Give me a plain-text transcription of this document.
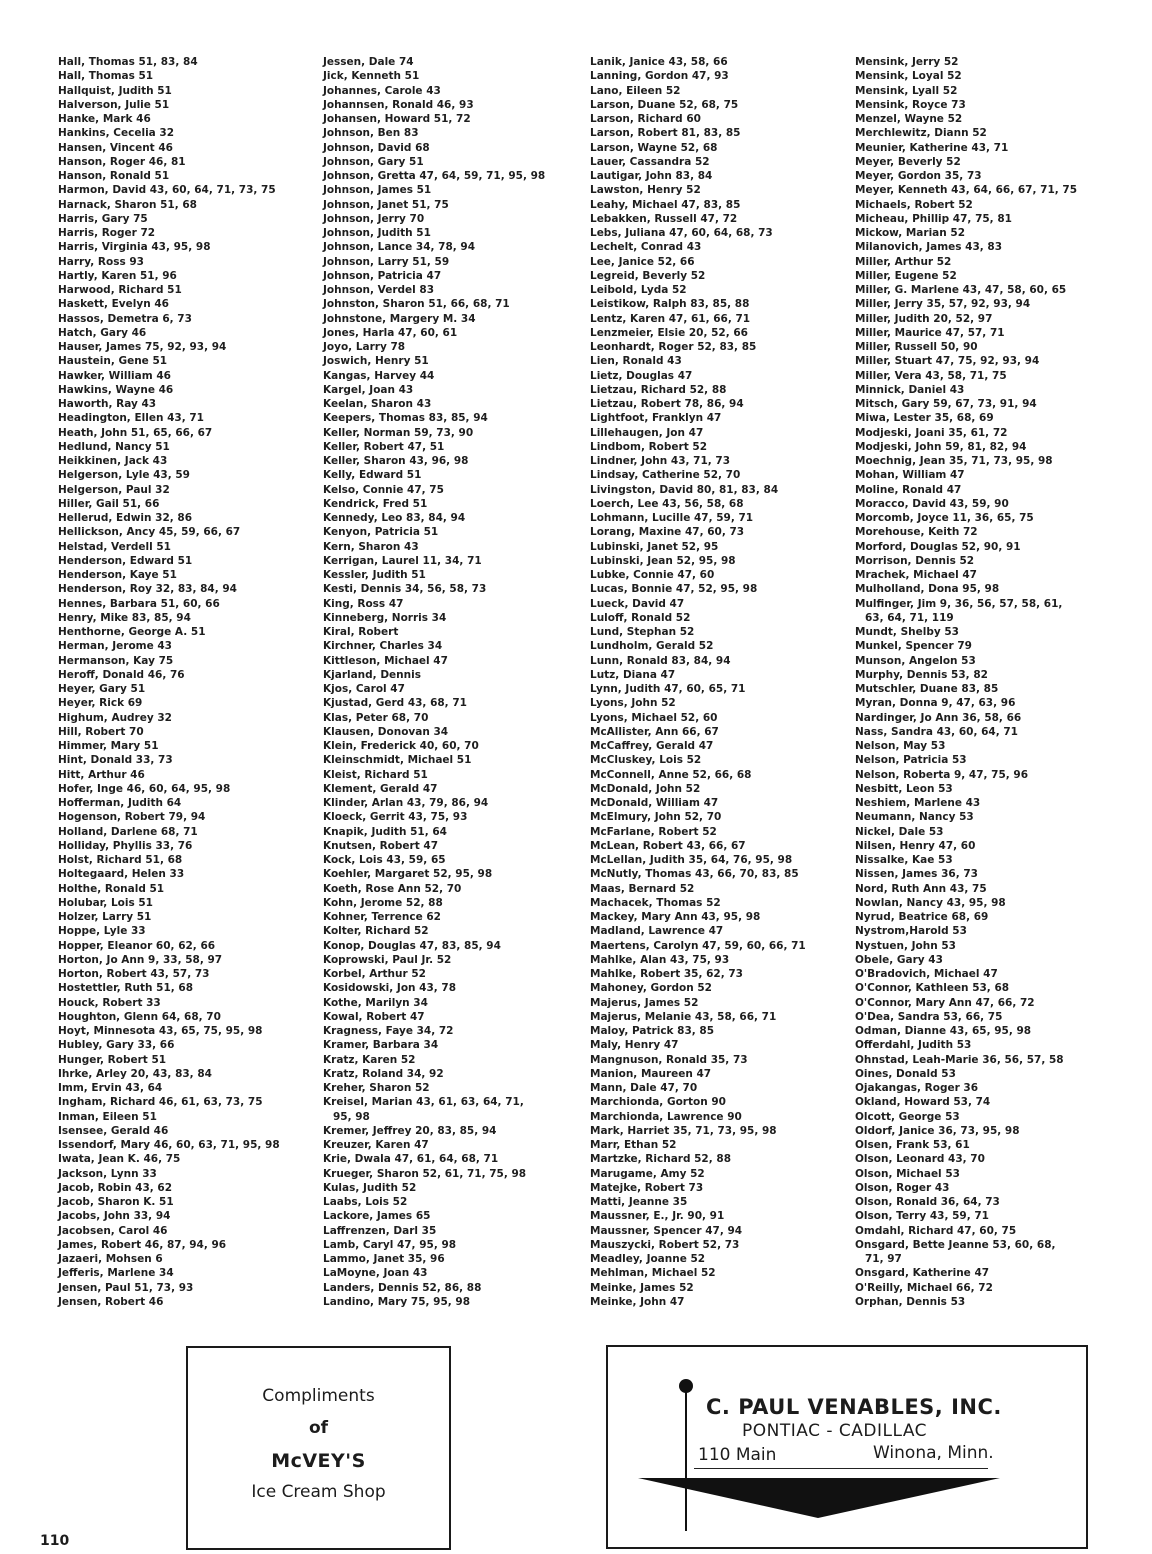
Hall, Thomas 51, 83, 84
Hall, Thomas 51
Hallquist, Judith 51
Halverson, Julie 51
Hanke, Mark 46
Hankins, Cecelia 32
Hansen, Vincent 46
Hanson, Roger 46, 81
Hanson, Ronald 51
Harmon, David 43, 60, 64, 71, 73, 75
Harnack, Sharon 51, 68
Harris, Gary 75
Harris, Roger 72
Harris, Virginia 43, 95, 98
Harry, Ross 93
Hartly, Karen 51, 96
Harwood, Richard 51
Haskett, Evelyn 46
Hassos, Demetra 6, 73
Hatch, Gary 46
Hauser, James 75, 92, 93, 94
Haustein, Gene 51
Hawker, William 46
Hawkins, Wayne 46
Haworth, Ray 43
Headington, Ellen 43, 71
Heath, John 51, 65, 66, 67
Hedlund, Nancy 51
Heikkinen, Jack 43
Helgerson, Lyle 43, 59
Helgerson, Paul 32
Hiller, Gail 51, 66
Hellerud, Edwin 32, 86
Hellickson, Ancy 45, 59, 66, 67
Helstad, Verdell 51
Henderson, Edward 51
Henderson, Kaye 51
Henderson, Roy 32, 83, 84, 94
Hennes, Barbara 51, 60, 66
Henry, Mike 83, 85, 94
Henthorne, George A. 51
Herman, Jerome 43
Hermanson, Kay 75
Heroff, Donald 46, 76
Heyer, Gary 51
Heyer, Rick 69
Highum, Audrey 32
Hill, Robert 70
Himmer, Mary 51
Hint, Donald 33, 73
Hitt, Arthur 46
Hofer, Inge 46, 60, 64, 95, 98
Hofferman, Judith 64
Hogenson, Robert 79, 94
Holland, Darlene 68, 71
Holliday, Phyllis 33, 76
Holst, Richard 51, 68
Holtegaard, Helen 33
Holthe, Ronald 51
Holubar, Lois 51
Holzer, Larry 51
Hoppe, Lyle 33
Hopper, Eleanor 60, 62, 66
Horton, Jo Ann 9, 33, 58, 97
Horton, Robert 43, 57, 73
Hostettler, Ruth 51, 68
Houck, Robert 33
Houghton, Glenn 64, 68, 70
Hoyt, Minnesota 43, 65, 75, 95, 98
Hubley, Gary 33, 66
Hunger, Robert 51
Ihrke, Arley 20, 43, 83, 84
Imm, Ervin 43, 64
Ingham, Richard 46, 61, 63, 73, 75
Inman, Eileen 51
Isensee, Gerald 46
Issendorf, Mary 46, 60, 63, 71, 95, 98
Iwata, Jean K. 46, 75
Jackson, Lynn 33
Jacob, Robin 43, 62
Jacob, Sharon K. 51
Jacobs, John 33, 94
Jacobsen, Carol 46
James, Robert 46, 87, 94, 96
Jazaeri, Mohsen 6
Jefferis, Marlene 34
Jensen, Paul 51, 73, 93
Jensen, Robert 46
Jessen, Dale 74
Jick, Kenneth 51
Johannes, Carole 43
Johannsen, Ronald 46, 93
Johansen, Howard 51, 72
Johnson, Ben 83
Johnson, David 68
Johnson, Gary 51
Johnson, Gretta 47, 64, 59, 71, 95, 98
Johnson, James 51
Johnson, Janet 51, 75
Johnson, Jerry 70
Johnson, Judith 51
Johnson, Lance 34, 78, 94
Johnson, Larry 51, 59
Johnson, Patricia 47
Johnson, Verdel 83
Johnston, Sharon 51, 66, 68, 71
Johnstone, Margery M. 34
Jones, Harla 47, 60, 61
Joyo, Larry 78
Joswich, Henry 51
Kangas, Harvey 44
Kargel, Joan 43
Keelan, Sharon 43
Keepers, Thomas 83, 85, 94
Keller, Norman 59, 73, 90
Keller, Robert 47, 51
Keller, Sharon 43, 96, 98
Kelly, Edward 51
Kelso, Connie 47, 75
Kendrick, Fred 51
Kennedy, Leo 83, 84, 94
Kenyon, Patricia 51
Kern, Sharon 43
Kerrigan, Laurel 11, 34, 71
Kessler, Judith 51
Kesti, Dennis 34, 56, 58, 73
King, Ross 47
Kinneberg, Norris 34
Kiral, Robert
Kirchner, Charles 34
Kittleson, Michael 47
Kjarland, Dennis
Kjos, Carol 47
Kjustad, Gerd 43, 68, 71
Klas, Peter 68, 70
Klausen, Donovan 34
Klein, Frederick 40, 60, 70
Kleinschmidt, Michael 51
Kleist, Richard 51
Klement, Gerald 47
Klinder, Arlan 43, 79, 86, 94
Kloeck, Gerrit 43, 75, 93
Knapik, Judith 51, 64
Knutsen, Robert 47
Kock, Lois 43, 59, 65
Koehler, Margaret 52, 95, 98
Koeth, Rose Ann 52, 70
Kohn, Jerome 52, 88
Kohner, Terrence 62
Kolter, Richard 52
Konop, Douglas 47, 83, 85, 94
Koprowski, Paul Jr. 52
Korbel, Arthur 52
Kosidowski, Jon 43, 78
Kothe, Marilyn 34
Kowal, Robert 47
Kragness, Faye 34, 72
Kramer, Barbara 34
Kratz, Karen 52
Kratz, Roland 34, 92
Kreher, Sharon 52
Kreisel, Marian 43, 61, 63, 64, 71,
95, 98
Kremer, Jeffrey 20, 83, 85, 94
Kreuzer, Karen 47
Krie, Dwala 47, 61, 64, 68, 71
Krueger, Sharon 52, 61, 71, 75, 98
Kulas, Judith 52
Laabs, Lois 52
Lackore, James 65
Laffrenzen, Darl 35
Lamb, Caryl 47, 95, 98
Lammo, Janet 35, 96
LaMoyne, Joan 43
Landers, Dennis 52, 86, 88
Landino, Mary 75, 95, 98
Lanik, Janice 43, 58, 66
Lanning, Gordon 47, 93
Lano, Eileen 52
Larson, Duane 52, 68, 75
Larson, Richard 60
Larson, Robert 81, 83, 85
Larson, Wayne 52, 68
Lauer, Cassandra 52
Lautigar, John 83, 84
Lawston, Henry 52
Leahy, Michael 47, 83, 85
Lebakken, Russell 47, 72
Lebs, Juliana 47, 60, 64, 68, 73
Lechelt, Conrad 43
Lee, Janice 52, 66
Legreid, Beverly 52
Leibold, Lyda 52
Leistikow, Ralph 83, 85, 88
Lentz, Karen 47, 61, 66, 71
Lenzmeier, Elsie 20, 52, 66
Leonhardt, Roger 52, 83, 85
Lien, Ronald 43
Lietz, Douglas 47
Lietzau, Richard 52, 88
Lietzau, Robert 78, 86, 94
Lightfoot, Franklyn 47
Lillehaugen, Jon 47
Lindbom, Robert 52
Lindner, John 43, 71, 73
Lindsay, Catherine 52, 70
Livingston, David 80, 81, 83, 84
Loerch, Lee 43, 56, 58, 68
Lohmann, Lucille 47, 59, 71
Lorang, Maxine 47, 60, 73
Lubinski, Janet 52, 95
Lubinski, Jean 52, 95, 98
Lubke, Connie 47, 60
Lucas, Bonnie 47, 52, 95, 98
Lueck, David 47
Luloff, Ronald 52
Lund, Stephan 52
Lundholm, Gerald 52
Lunn, Ronald 83, 84, 94
Lutz, Diana 47
Lynn, Judith 47, 60, 65, 71
Lyons, John 52
Lyons, Michael 52, 60
McAllister, Ann 66, 67
McCaffrey, Gerald 47
McCluskey, Lois 52
McConnell, Anne 52, 66, 68
McDonald, John 52
McDonald, William 47
McElmury, John 52, 70
McFarlane, Robert 52
McLean, Robert 43, 66, 67
McLellan, Judith 35, 64, 76, 95, 98
McNutly, Thomas 43, 66, 70, 83, 85
Maas, Bernard 52
Machacek, Thomas 52
Mackey, Mary Ann 43, 95, 98
Madland, Lawrence 47
Maertens, Carolyn 47, 59, 60, 66, 71
Mahlke, Alan 43, 75, 93
Mahlke, Robert 35, 62, 73
Mahoney, Gordon 52
Majerus, James 52
Majerus, Melanie 43, 58, 66, 71
Maloy, Patrick 83, 85
Maly, Henry 47
Mangnuson, Ronald 35, 73
Manion, Maureen 47
Mann, Dale 47, 70
Marchionda, Gorton 90
Marchionda, Lawrence 90
Mark, Harriet 35, 71, 73, 95, 98
Marr, Ethan 52
Martzke, Richard 52, 88
Marugame, Amy 52
Matejke, Robert 73
Matti, Jeanne 35
Maussner, E., Jr. 90, 91
Maussner, Spencer 47, 94
Mauszycki, Robert 52, 73
Meadley, Joanne 52
Mehlman, Michael 52
Meinke, James 52
Meinke, John 47
Mensink, Jerry 52
Mensink, Loyal 52
Mensink, Lyall 52
Mensink, Royce 73
Menzel, Wayne 52
Merchlewitz, Diann 52
Meunier, Katherine 43, 71
Meyer, Beverly 52
Meyer, Gordon 35, 73
Meyer, Kenneth 43, 64, 66, 67, 71, 75
Michaels, Robert 52
Micheau, Phillip 47, 75, 81
Mickow, Marian 52
Milanovich, James 43, 83
Miller, Arthur 52
Miller, Eugene 52
Miller, G. Marlene 43, 47, 58, 60, 65
Miller, Jerry 35, 57, 92, 93, 94
Miller, Judith 20, 52, 97
Miller, Maurice 47, 57, 71
Miller, Russell 50, 90
Miller, Stuart 47, 75, 92, 93, 94
Miller, Vera 43, 58, 71, 75
Minnick, Daniel 43
Mitsch, Gary 59, 67, 73, 91, 94
Miwa, Lester 35, 68, 69
Modjeski, Joani 35, 61, 72
Modjeski, John 59, 81, 82, 94
Moechnig, Jean 35, 71, 73, 95, 98
Mohan, William 47
Moline, Ronald 47
Moracco, David 43, 59, 90
Morcomb, Joyce 11, 36, 65, 75
Morehouse, Keith 72
Morford, Douglas 52, 90, 91
Morrison, Dennis 52
Mrachek, Michael 47
Mulholland, Dona 95, 98
Mulfinger, Jim 9, 36, 56, 57, 58, 61,
63, 64, 71, 119
Mundt, Shelby 53
Munkel, Spencer 79
Munson, Angelon 53
Murphy, Dennis 53, 82
Mutschler, Duane 83, 85
Myran, Donna 9, 47, 63, 96
Nardinger, Jo Ann 36, 58, 66
Nass, Sandra 43, 60, 64, 71
Nelson, May 53
Nelson, Patricia 53
Nelson, Roberta 9, 47, 75, 96
Nesbitt, Leon 53
Neshiem, Marlene 43
Neumann, Nancy 53
Nickel, Dale 53
Nilsen, Henry 47, 60
Nissalke, Kae 53
Nissen, James 36, 73
Nord, Ruth Ann 43, 75
Nowlan, Nancy 43, 95, 98
Nyrud, Beatrice 68, 69
Nystrom,Harold 53
Nystuen, John 53
Obele, Gary 43
O'Bradovich, Michael 47
O'Connor, Kathleen 53, 68
O'Connor, Mary Ann 47, 66, 72
O'Dea, Sandra 53, 66, 75
Odman, Dianne 43, 65, 95, 98
Offerdahl, Judith 53
Ohnstad, Leah-Marie 36, 56, 57, 58
Oines, Donald 53
Ojakangas, Roger 36
Okland, Howard 53, 74
Olcott, George 53
Oldorf, Janice 36, 73, 95, 98
Olsen, Frank 53, 61
Olson, Leonard 43, 70
Olson, Michael 53
Olson, Roger 43
Olson, Ronald 36, 64, 73
Olson, Terry 43, 59, 71
Omdahl, Richard 47, 60, 75
Onsgard, Bette Jeanne 53, 60, 68,
71, 97
Onsgard, Katherine 47
O'Reilly, Michael 66, 72
Orphan, Dennis 53
Compliments
of
McVEY'S
Ice Cream Shop
C. PAUL VENABLES, INC.
PONTIAC - CADILLAC
110 Main	Winona, Minn.
110
